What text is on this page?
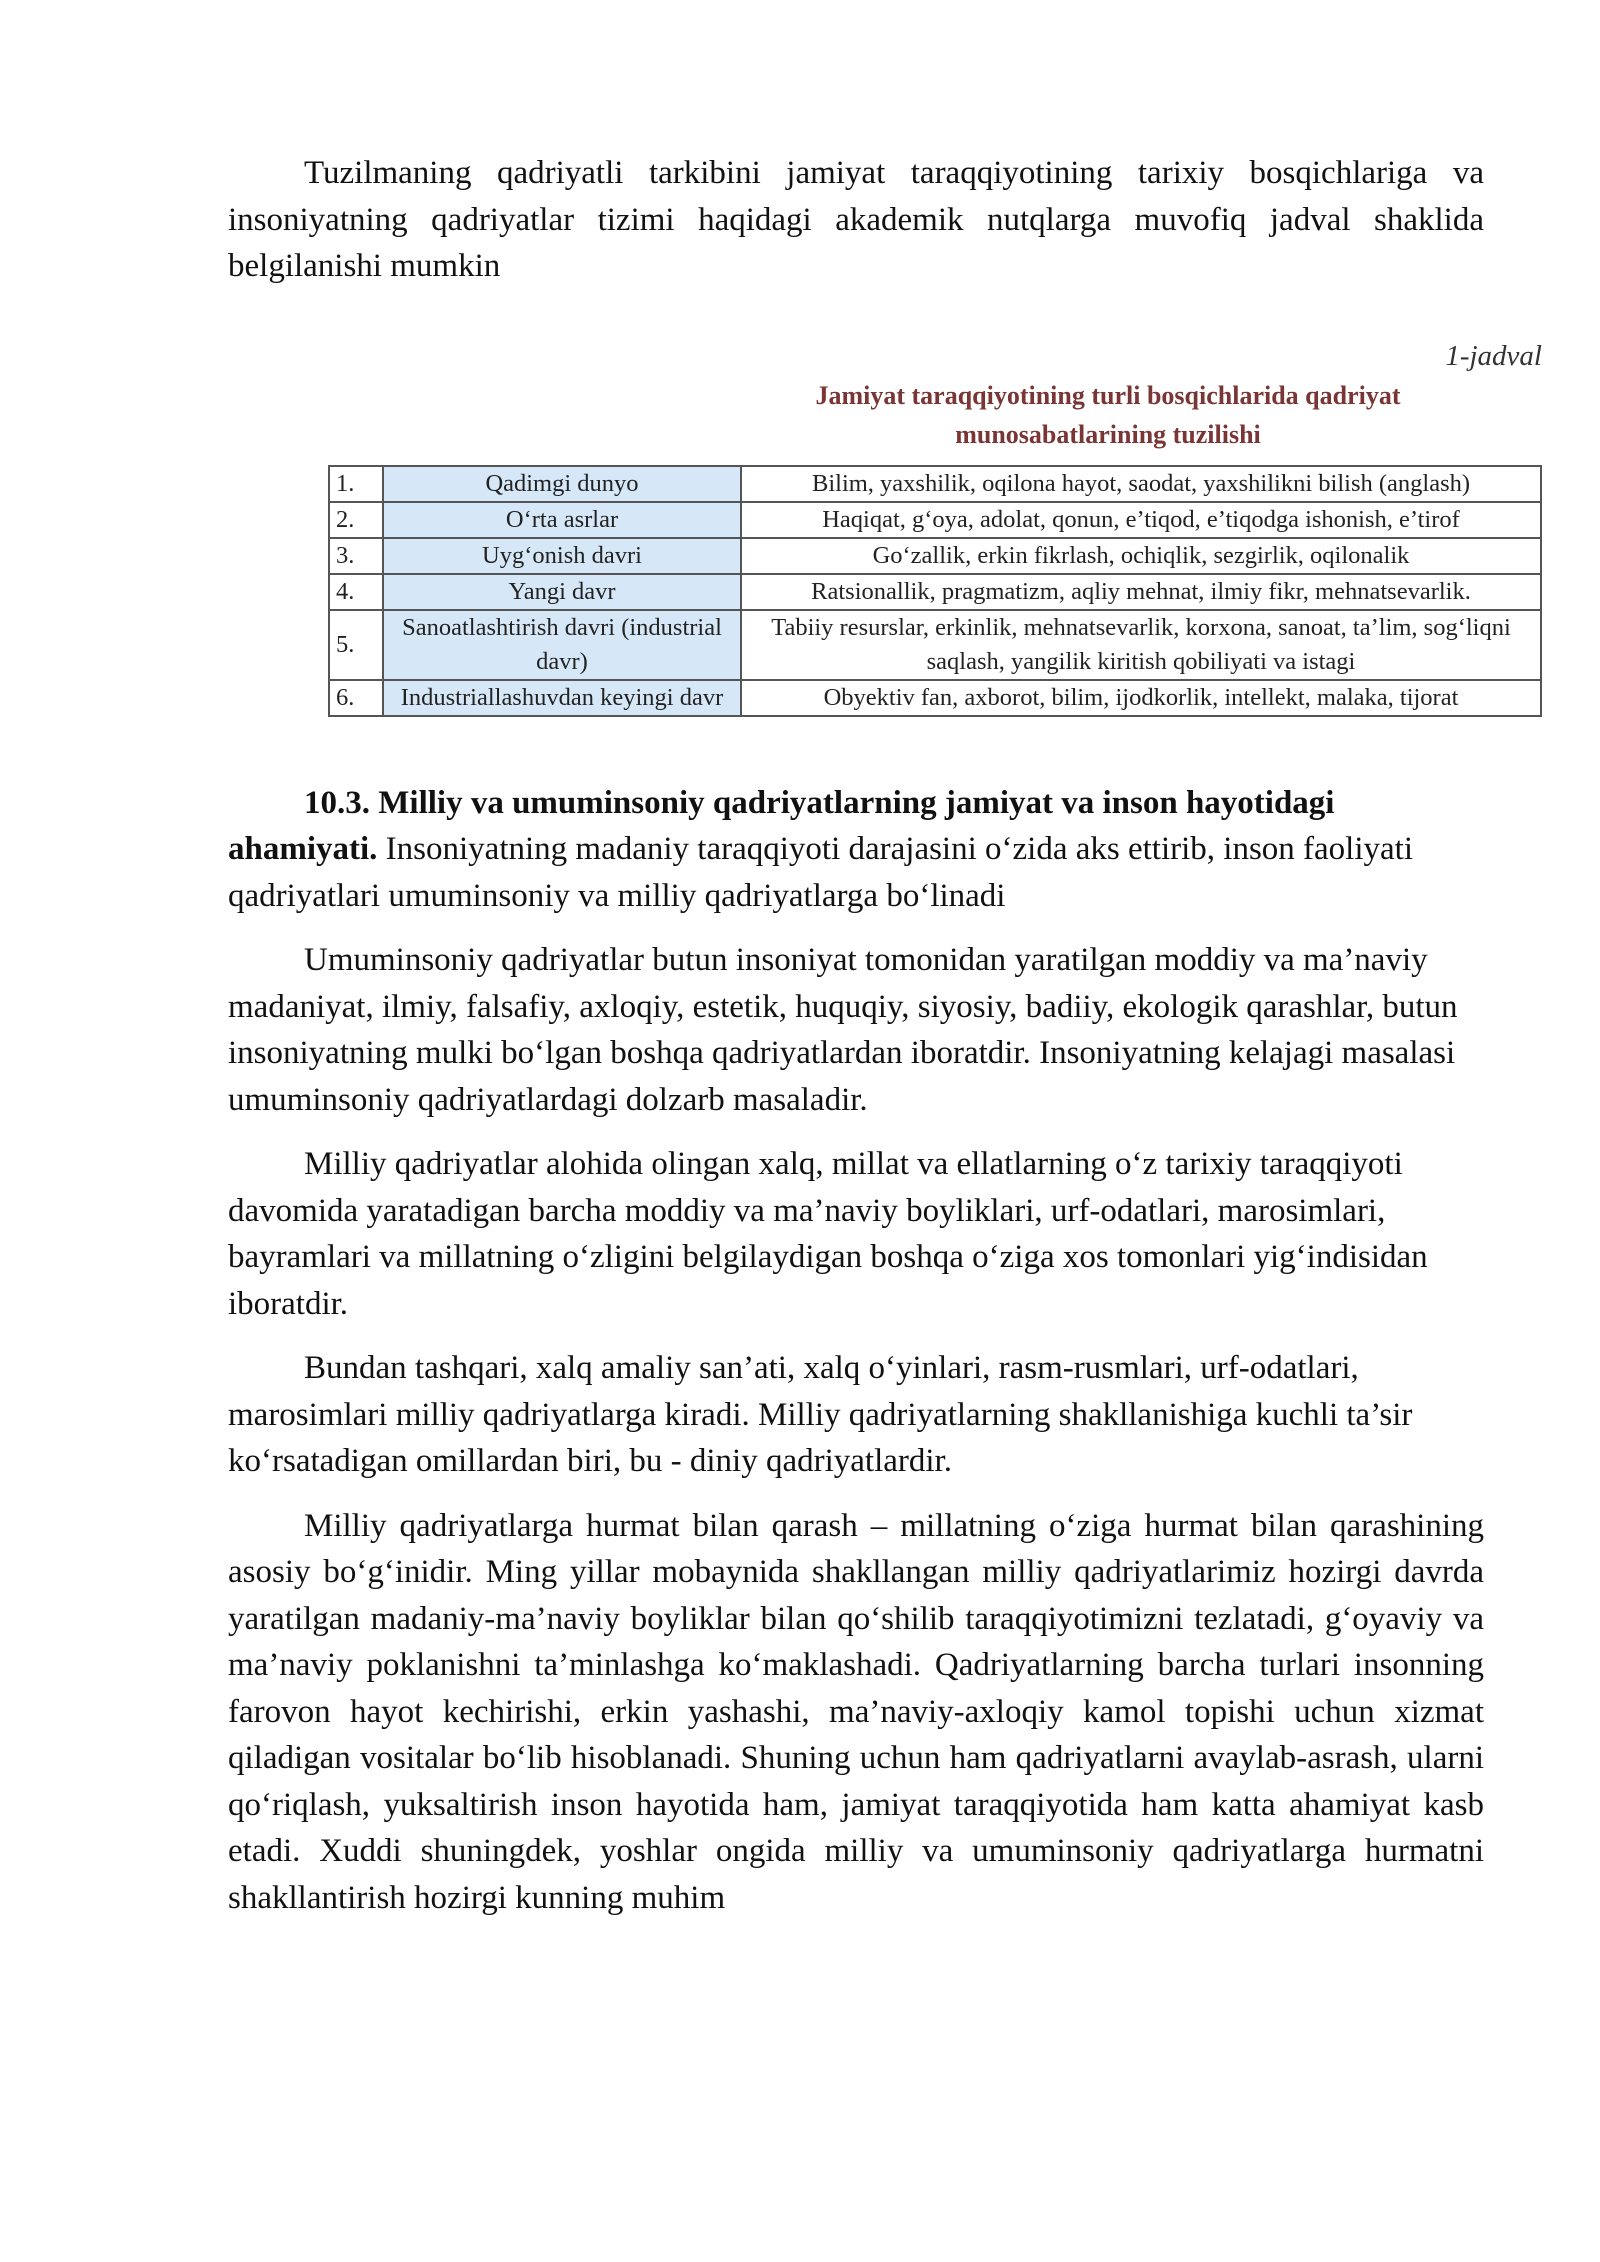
Tuzilmaning qadriyatli tarkibini jamiyat taraqqiyotining tarixiy bosqichlariga va insoniyatning qadriyatlar tizimi haqidagi akademik nutqlarga muvofiq jadval shaklida belgilanishi mumkin

1-jadval
Jamiyat taraqqiyotining turli bosqichlarida qadriyat munosabatlarining tuzilishi
1.	Qadimgi dunyo	Bilim, yaxshilik, oqilona hayot, saodat, yaxshilikni bilish (anglash)
2.	O‘rta asrlar	Haqiqat, g‘oya, adolat, qonun, e’tiqod, e’tiqodga ishonish, e’tirof
3.	Uyg‘onish davri	Go‘zallik, erkin fikrlash, ochiqlik, sezgirlik, oqilonalik
4.	Yangi davr	Ratsionallik, pragmatizm, aqliy mehnat, ilmiy fikr, mehnatsevarlik.
5.	Sanoatlashtirish davri (industrial davr)	Tabiiy resurslar, erkinlik, mehnatsevarlik, korxona, sanoat, ta’lim, sog‘liqni saqlash, yangilik kiritish qobiliyati va istagi
6.	Industriallashuvdan keyingi davr	Obyektiv fan, axborot, bilim, ijodkorlik, intellekt, malaka, tijorat

10.3. Milliy va umuminsoniy qadriyatlarning jamiyat va inson hayotidagi ahamiyati. Insoniyatning madaniy taraqqiyoti darajasini o‘zida aks ettirib, inson faoliyati qadriyatlari umuminsoniy va milliy qadriyatlarga bo‘linadi

Umuminsoniy qadriyatlar butun insoniyat tomonidan yaratilgan moddiy va ma’naviy madaniyat, ilmiy, falsafiy, axloqiy, estetik, huquqiy, siyosiy, badiiy, ekologik qarashlar, butun insoniyatning mulki bo‘lgan boshqa qadriyatlardan iboratdir. Insoniyatning kelajagi masalasi umuminsoniy qadriyatlardagi dolzarb masaladir.

Milliy qadriyatlar alohida olingan xalq, millat va ellatlarning o‘z tarixiy taraqqiyoti davomida yaratadigan barcha moddiy va ma’naviy boyliklari, urf-odatlari, marosimlari, bayramlari va millatning o‘zligini belgilaydigan boshqa o‘ziga xos tomonlari yig‘indisidan iboratdir.

Bundan tashqari, xalq amaliy san’ati, xalq o‘yinlari, rasm-rusmlari, urf-odatlari, marosimlari milliy qadriyatlarga kiradi. Milliy qadriyatlarning shakllanishiga kuchli ta’sir ko‘rsatadigan omillardan biri, bu - diniy qadriyatlardir.

Milliy qadriyatlarga hurmat bilan qarash – millatning o‘ziga hurmat bilan qarashining asosiy bo‘g‘inidir. Ming yillar mobaynida shakllangan milliy qadriyatlarimiz hozirgi davrda yaratilgan madaniy-ma’naviy boyliklar bilan qo‘shilib taraqqiyotimizni tezlatadi, g‘oyaviy va ma’naviy poklanishni ta’minlashga ko‘maklashadi. Qadriyatlarning barcha turlari insonning farovon hayot kechirishi, erkin yashashi, ma’naviy-axloqiy kamol topishi uchun xizmat qiladigan vositalar bo‘lib hisoblanadi. Shuning uchun ham qadriyatlarni avaylab-asrash, ularni qo‘riqlash, yuksaltirish inson hayotida ham, jamiyat taraqqiyotida ham katta ahamiyat kasb etadi. Xuddi shuningdek, yoshlar ongida milliy va umuminsoniy qadriyatlarga hurmatni shakllantirish hozirgi kunning muhim
